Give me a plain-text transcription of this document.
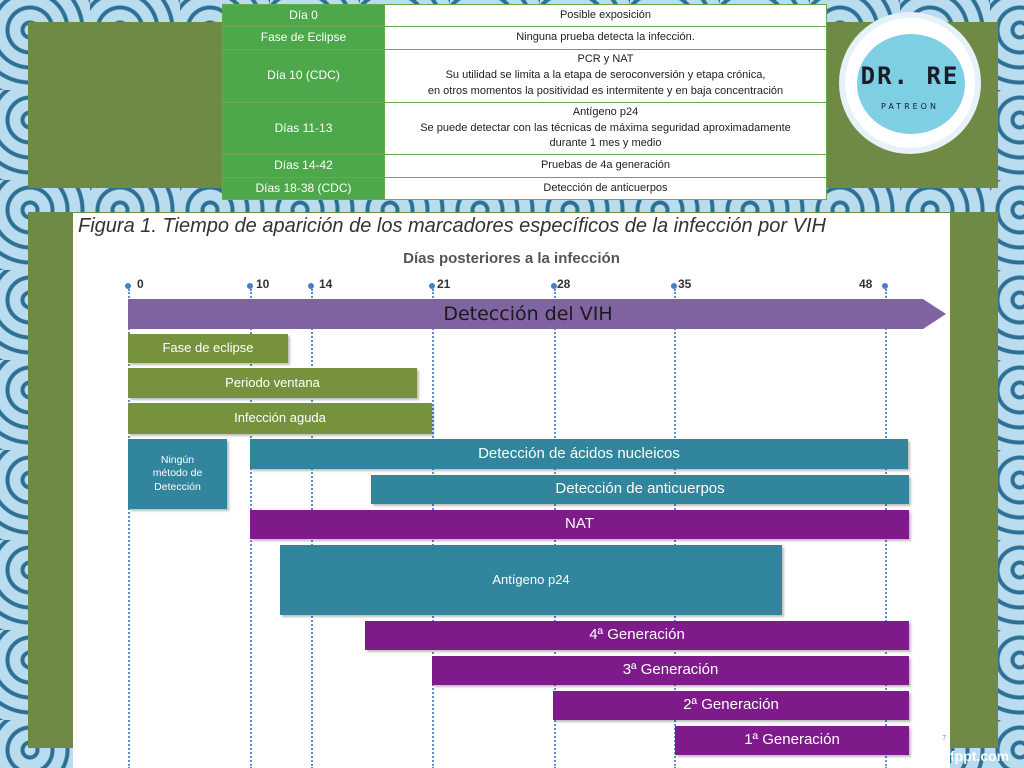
Día 0	Posible exposición

Fase de Eclipse	Ninguna prueba detecta la infección.

Día 10 (CDC)	PCR y NAT
Su utilidad se limita a la etapa de seroconversión y etapa crónica,
en otros momentos la positividad es intermitente y en baja concentración

Días 11-13	Antígeno p24
Se puede detectar con las técnicas de máxima seguridad aproximadamente
durante 1 mes y medio

Días 14-42	Pruebas de 4a generación

Días 18-38 (CDC)	Detección de anticuerpos
Figura 1. Tiempo de aparición de los marcadores específicos de la infección por VIH
Días posteriores a la infección
0	10	14	21	28	35	48
Detección del VIH
Fase de eclipse
Periodo ventana
Infección aguda
Ningún
método de
Detección
Detección de ácidos nucleicos
Detección de anticuerpos
NAT
Antígeno p24
4ª Generación
3ª Generación
2ª Generación
1ª Generación
DR. RE
PATREON
7
fppt.com
